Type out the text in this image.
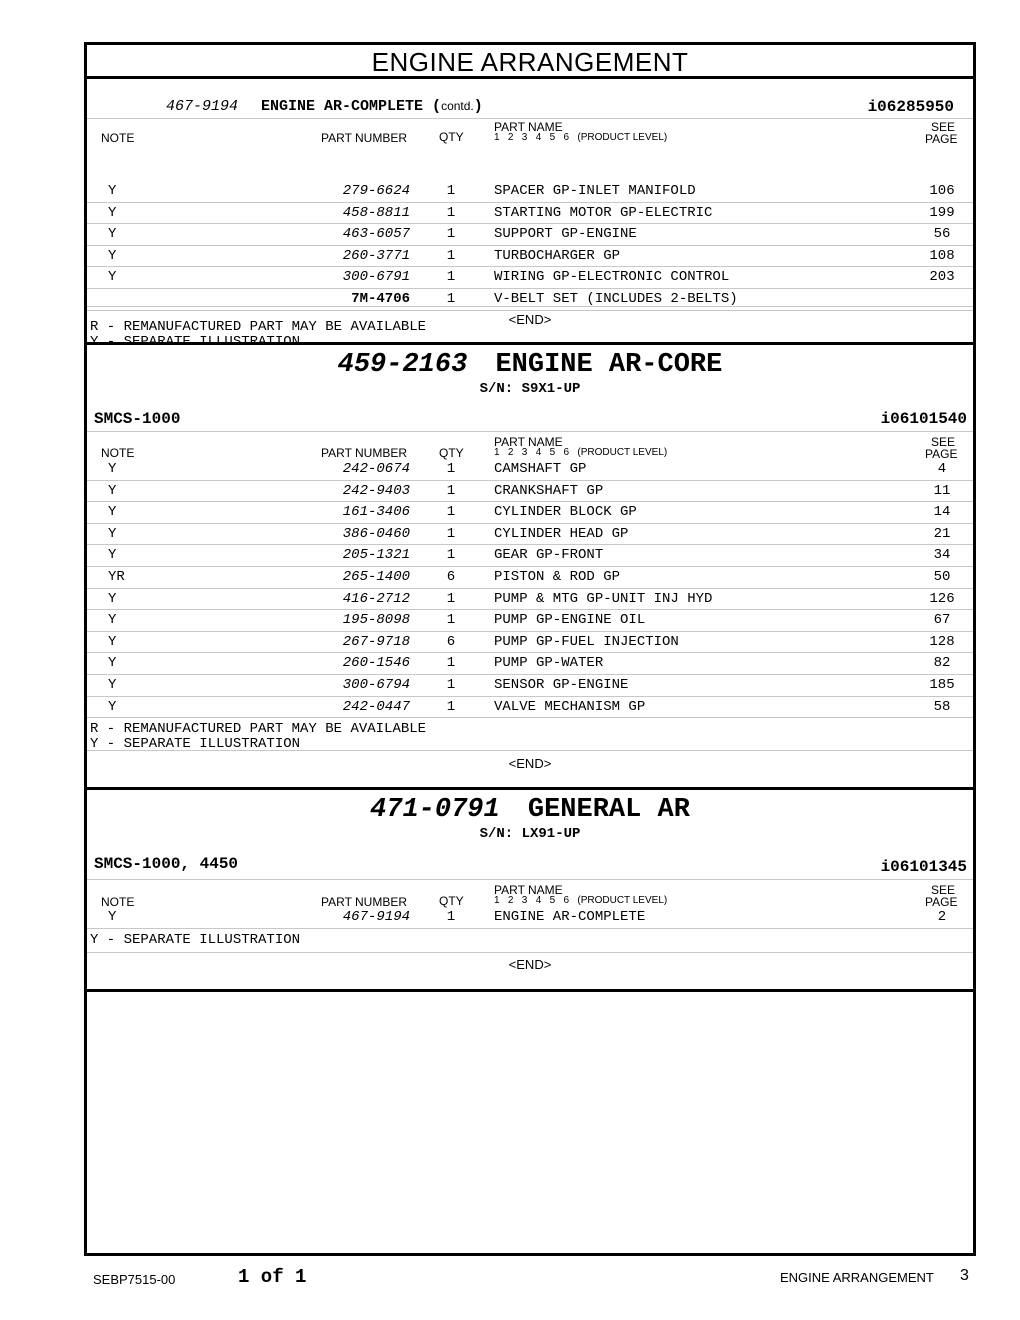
ENGINE ARRANGEMENT
467-9194 ENGINE AR-COMPLETE (contd.)	i06285950
NOTE	PART NUMBER	QTY
PART NAME
1   2   3   4   5   6   (PRODUCT LEVEL)
SEE
PAGE
Y	279-6624	1	SPACER GP-INLET MANIFOLD	106
Y	458-8811	1	STARTING MOTOR GP-ELECTRIC	199
Y	463-6057	1	SUPPORT GP-ENGINE	56
Y	260-3771	1	TURBOCHARGER GP	108
Y	300-6791	1	WIRING GP-ELECTRONIC CONTROL	203
7M-4706	1	V-BELT SET (INCLUDES 2-BELTS)
R - REMANUFACTURED PART MAY BE AVAILABLE
Y - SEPARATE ILLUSTRATION
<END>
459-2163 ENGINE AR-CORE
S/N: S9X1-UP
SMCS-1000	i06101540
NOTE	PART NUMBER	QTY
PART NAME
1   2   3   4   5   6   (PRODUCT LEVEL)
SEE
PAGE
Y	242-0674	1	CAMSHAFT GP	4
Y	242-9403	1	CRANKSHAFT GP	11
Y	161-3406	1	CYLINDER BLOCK GP	14
Y	386-0460	1	CYLINDER HEAD GP	21
Y	205-1321	1	GEAR GP-FRONT	34
YR	265-1400	6	PISTON & ROD GP	50
Y	416-2712	1	PUMP & MTG GP-UNIT INJ HYD	126
Y	195-8098	1	PUMP GP-ENGINE OIL	67
Y	267-9718	6	PUMP GP-FUEL INJECTION	128
Y	260-1546	1	PUMP GP-WATER	82
Y	300-6794	1	SENSOR GP-ENGINE	185
Y	242-0447	1	VALVE MECHANISM GP	58
R - REMANUFACTURED PART MAY BE AVAILABLE
Y - SEPARATE ILLUSTRATION
<END>
471-0791 GENERAL AR
S/N: LX91-UP
SMCS-1000, 4450	i06101345
NOTE	PART NUMBER	QTY
PART NAME
1   2   3   4   5   6   (PRODUCT LEVEL)
SEE
PAGE
Y	467-9194	1	ENGINE AR-COMPLETE	2
Y - SEPARATE ILLUSTRATION
<END>
SEBP7515-00	1 of 1	ENGINE ARRANGEMENT 3
